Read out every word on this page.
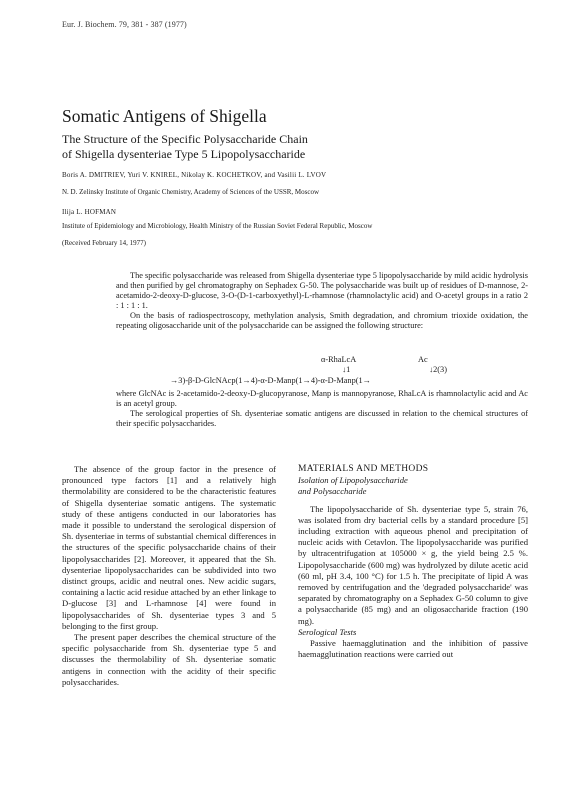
Eur. J. Biochem. 79, 381 - 387 (1977)
Somatic Antigens of Shigella
The Structure of the Specific Polysaccharide Chain
of Shigella dysenteriae Type 5 Lipopolysaccharide
Boris A. DMITRIEV, Yuri V. KNIREL, Nikolay K. KOCHETKOV, and Vasilii L. LVOV
N. D. Zelinsky Institute of Organic Chemistry, Academy of Sciences of the USSR, Moscow
Ilija L. HOFMAN
Institute of Epidemiology and Microbiology, Health Ministry of the Russian Soviet Federal Republic, Moscow
(Received February 14, 1977)

The specific polysaccharide was released from Shigella dysenteriae type 5 lipopolysaccharide by mild acidic hydrolysis and then purified by gel chromatography on Sephadex G-50. The polysaccharide was built up of residues of D-mannose, 2-acetamido-2-deoxy-D-glucose, 3-O-(D-1-carboxyethyl)-L-rhamnose (rhamnolactylic acid) and O-acetyl groups in a ratio 2 : 1 : 1 : 1.

On the basis of radiospectroscopy, methylation analysis, Smith degradation, and chromium trioxide oxidation, the repeating oligosaccharide unit of the polysaccharide can be assigned the following structure:

α-RhaLcA	Ac
↓1	↓2(3)
→3)-β-D-GlcNAcp(1→4)-α-D-Manp(1→4)-α-D-Manp(1→

where GlcNAc is 2-acetamido-2-deoxy-D-glucopyranose, Manp is mannopyranose, RhaLcA is rhamnolactylic acid and Ac is an acetyl group.

The serological properties of Sh. dysenteriae somatic antigens are discussed in relation to the chemical structures of their specific polysaccharides.

The absence of the group factor in the presence of pronounced type factors [1] and a relatively high thermolability are considered to be the characteristic features of Shigella dysenteriae somatic antigens. The systematic study of these antigens conducted in our laboratories has made it possible to understand the serological dispersion of Sh. dysenteriae in terms of substantial chemical differences in the structures of the specific polysaccharide chains of their lipopolysaccharides [2]. Moreover, it appeared that the Sh. dysenteriae lipopolysaccharides can be subdivided into two distinct groups, acidic and neutral ones. New acidic sugars, containing a lactic acid residue attached by an ether linkage to D-glucose [3] and L-rhamnose [4] were found in lipopolysaccharides of Sh. dysenteriae types 3 and 5 belonging to the first group.

The present paper describes the chemical structure of the specific polysaccharide from Sh. dysenteriae type 5 and discusses the thermolability of Sh. dysenteriae somatic antigens in connection with the acidity of their specific polysaccharides.

MATERIALS AND METHODS

Isolation of Lipopolysaccharide

and Polysaccharide

The lipopolysaccharide of Sh. dysenteriae type 5, strain 76, was isolated from dry bacterial cells by a standard procedure [5] including extraction with aqueous phenol and precipitation of nucleic acids with Cetavlon. The lipopolysaccharide was purified by ultracentrifugation at 105000 × g, the yield being 2.5 %. Lipopolysaccharide (600 mg) was hydrolyzed by dilute acetic acid (60 ml, pH 3.4, 100 °C) for 1.5 h. The precipitate of lipid A was removed by centrifugation and the 'degraded polysaccharide' was separated by chromatography on a Sephadex G-50 column to give a polysaccharide (85 mg) and an oligosaccharide fraction (190 mg).

Serological Tests

Passive haemagglutination and the inhibition of passive haemagglutination reactions were carried out
